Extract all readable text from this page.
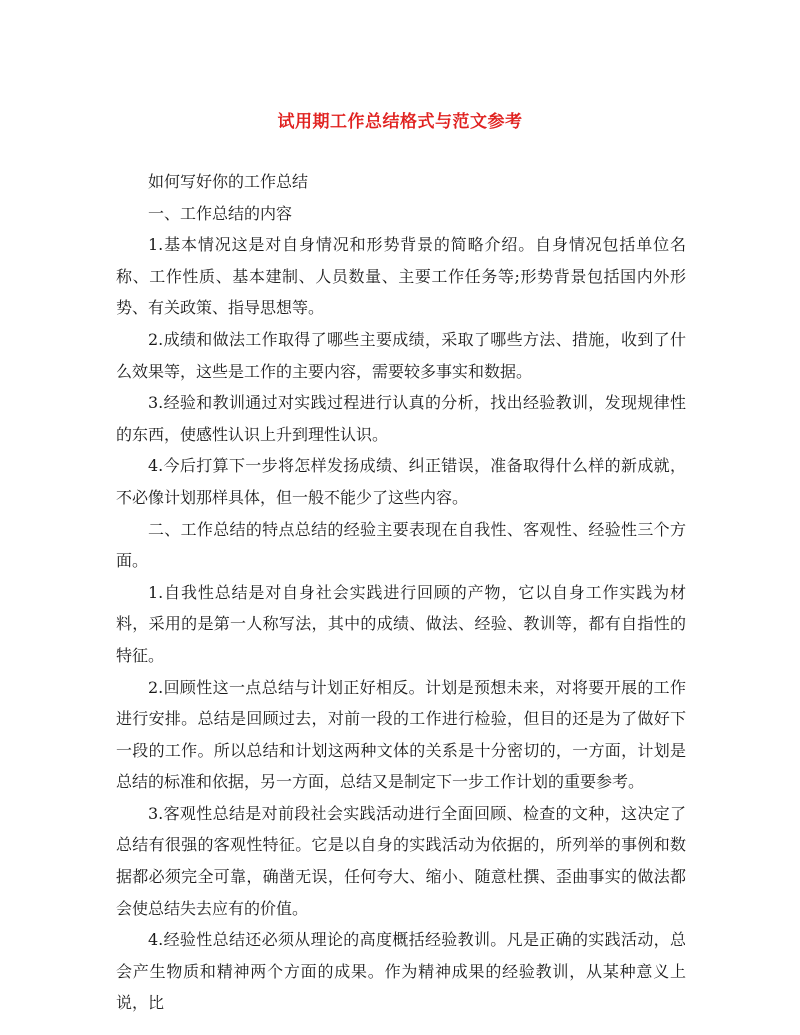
试用期工作总结格式与范文参考

如何写好你的工作总结

一、工作总结的内容

1.基本情况这是对自身情况和形势背景的简略介绍。自身情况包括单位名称、工作性质、基本建制、人员数量、主要工作任务等;形势背景包括国内外形势、有关政策、指导思想等。

2.成绩和做法工作取得了哪些主要成绩，采取了哪些方法、措施，收到了什么效果等，这些是工作的主要内容，需要较多事实和数据。

3.经验和教训通过对实践过程进行认真的分析，找出经验教训，发现规律性的东西，使感性认识上升到理性认识。

4.今后打算下一步将怎样发扬成绩、纠正错误，准备取得什么样的新成就，不必像计划那样具体，但一般不能少了这些内容。

二、工作总结的特点总结的经验主要表现在自我性、客观性、经验性三个方面。

1.自我性总结是对自身社会实践进行回顾的产物，它以自身工作实践为材料，采用的是第一人称写法，其中的成绩、做法、经验、教训等，都有自指性的特征。

2.回顾性这一点总结与计划正好相反。计划是预想未来，对将要开展的工作进行安排。总结是回顾过去，对前一段的工作进行检验，但目的还是为了做好下一段的工作。所以总结和计划这两种文体的关系是十分密切的，一方面，计划是总结的标准和依据，另一方面，总结又是制定下一步工作计划的重要参考。

3.客观性总结是对前段社会实践活动进行全面回顾、检查的文种，这决定了总结有很强的客观性特征。它是以自身的实践活动为依据的，所列举的事例和数据都必须完全可靠，确凿无误，任何夸大、缩小、随意杜撰、歪曲事实的做法都会使总结失去应有的价值。

4.经验性总结还必须从理论的高度概括经验教训。凡是正确的实践活动，总会产生物质和精神两个方面的成果。作为精神成果的经验教训，从某种意义上说，比
